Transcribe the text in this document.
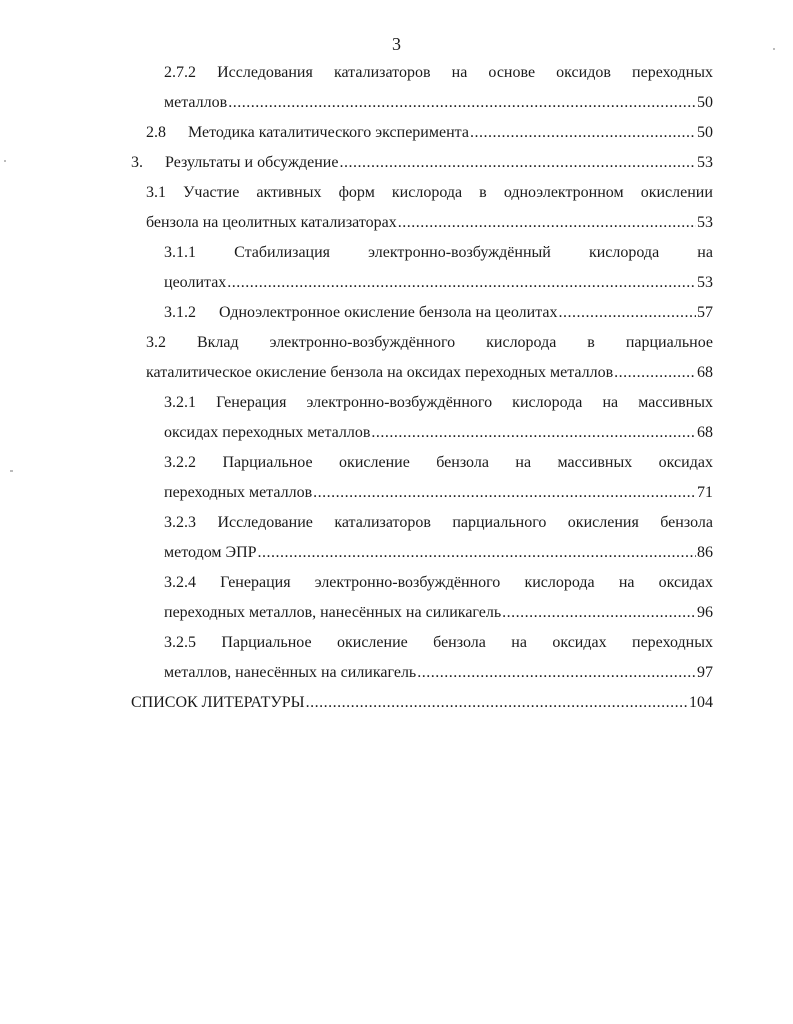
3
2.7.2 Исследования катализаторов на основе оксидов переходных
металлов .....	50
2.8 Методика каталитического эксперимента .....	50
3. Результаты и обсуждение .....	53
3.1 Участие активных форм кислорода в одноэлектронном окислении
бензола на цеолитных катализаторах .....	53
3.1.1 Стабилизация электронно-возбуждённый кислорода на
цеолитах .....	53
3.1.2 Одноэлектронное окисление бензола на цеолитах .....	57
3.2 Вклад электронно-возбуждённого кислорода в парциальное
каталитическое окисление бензола на оксидах переходных металлов .....	68
3.2.1 Генерация электронно-возбуждённого кислорода на массивных
оксидах переходных металлов .....	68
3.2.2 Парциальное окисление бензола на массивных оксидах
переходных металлов .....	71
3.2.3 Исследование катализаторов парциального окисления бензола
методом ЭПР .....	86
3.2.4 Генерация электронно-возбуждённого кислорода на оксидах
переходных металлов, нанесённых на силикагель .....	96
3.2.5 Парциальное окисление бензола на оксидах переходных
металлов, нанесённых на силикагель .....	97
СПИСОК ЛИТЕРАТУРЫ .....	104
